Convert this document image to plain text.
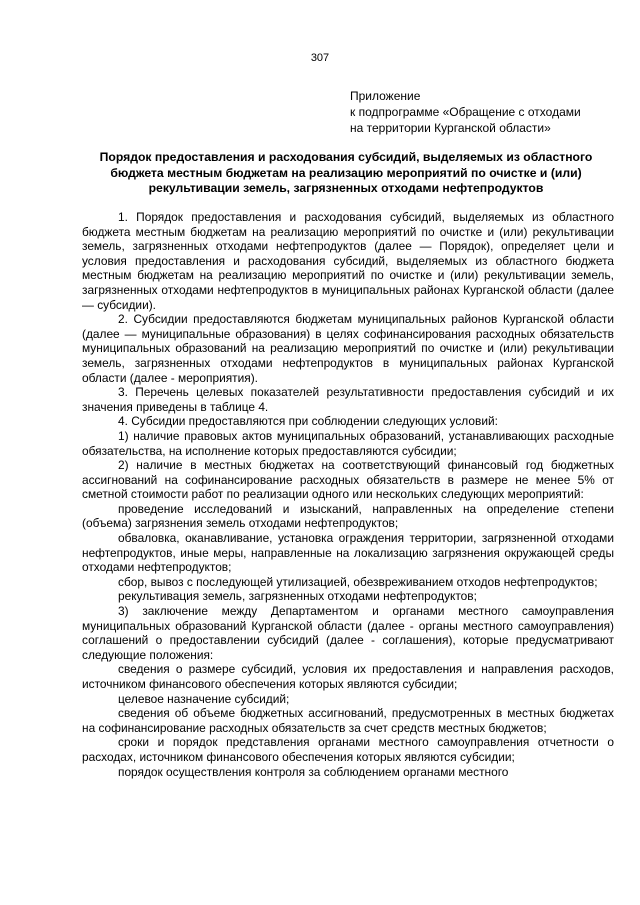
307
Приложение
к подпрограмме «Обращение с отходами
на территории Курганской области»
Порядок предоставления и расходования субсидий, выделяемых из областного бюджета местным бюджетам на реализацию мероприятий по очистке и (или) рекультивации земель, загрязненных отходами нефтепродуктов

1. Порядок предоставления и расходования субсидий, выделяемых из областного бюджета местным бюджетам на реализацию мероприятий по очистке и (или) рекультивации земель, загрязненных отходами нефтепродуктов (далее — Порядок), определяет цели и условия предоставления и расходования субсидий, выделяемых из областного бюджета местным бюджетам на реализацию мероприятий по очистке и (или) рекультивации земель, загрязненных отходами нефтепродуктов в муниципальных районах Курганской области (далее — субсидии).

2. Субсидии предоставляются бюджетам муниципальных районов Курганской области (далее — муниципальные образования) в целях софинансирования расходных обязательств муниципальных образований на реализацию мероприятий по очистке и (или) рекультивации земель, загрязненных отходами нефтепродуктов в муниципальных районах Курганской области (далее - мероприятия).

3. Перечень целевых показателей результативности предоставления субсидий и их значения приведены в таблице 4.

4. Субсидии предоставляются при соблюдении следующих условий:

1) наличие правовых актов муниципальных образований, устанавливающих расходные обязательства, на исполнение которых предоставляются субсидии;

2) наличие в местных бюджетах на соответствующий финансовый год бюджетных ассигнований на софинансирование расходных обязательств в размере не менее 5% от сметной стоимости работ по реализации одного или нескольких следующих мероприятий:

проведение исследований и изысканий, направленных на определение степени (объема) загрязнения земель отходами нефтепродуктов;

обваловка, оканавливание, установка ограждения территории, загрязненной отходами нефтепродуктов, иные меры, направленные на локализацию загрязнения окружающей среды отходами нефтепродуктов;

сбор, вывоз с последующей утилизацией, обезвреживанием отходов нефтепродуктов;

рекультивация земель, загрязненных отходами нефтепродуктов;

3) заключение между Департаментом и органами местного самоуправления муниципальных образований Курганской области (далее - органы местного самоуправления) соглашений о предоставлении субсидий (далее - соглашения), которые предусматривают следующие положения:

сведения о размере субсидий, условия их предоставления и направления расходов, источником финансового обеспечения которых являются субсидии;

целевое назначение субсидий;

сведения об объеме бюджетных ассигнований, предусмотренных в местных бюджетах на софинансирование расходных обязательств за счет средств местных бюджетов;

сроки и порядок представления органами местного самоуправления отчетности о расходах, источником финансового обеспечения которых являются субсидии;

порядок осуществления контроля за соблюдением органами местного
